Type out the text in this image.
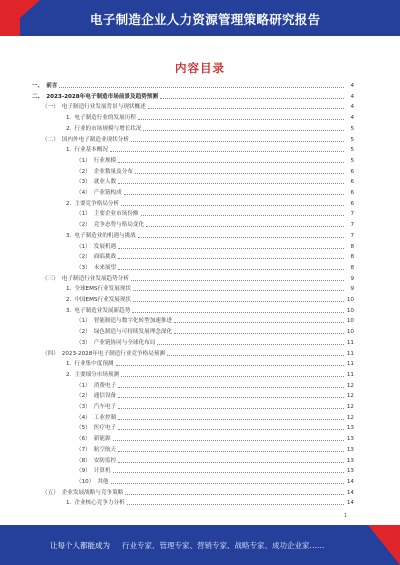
电子制造企业人力资源管理策略研究报告
内容目录
一、 前言	4
二、 2023-2028年电子制造市场前景及趋势预测	4
（一） 电子制造行业发展背景与现状概述	4
1. 电子制造行业的发展历程	4
2. 行业的市场规模与增长状况	5
（二） 国内外电子制造业现状分析	5
1. 行业基本概况	5
（1） 行业规模	5
（2） 企业数量及分布	6
（3） 就业人数	6
（4） 产业链构成	6
2. 主要竞争格局分析	6
（1） 主要企业市场份额	7
（2） 竞争态势与格局变化	7
3. 电子制造业的机遇与挑战	7
（1） 发展机遇	8
（2） 面临挑战	8
（3） 未来展望	8
（三） 电子制造行业发展趋势分析	9
1. 全球EMS行业发展现状	9
2. 中国EMS行业发展现状	10
3. 电子制造业发展新趋势	10
（1） 智能制造与数字化转型加速推进	10
（2） 绿色制造与可持续发展理念深化	10
（3） 产业链协同与全球化布局	11
（四） 2023-2028年电子制造行业竞争格局预测	11
1. 行业集中度预测	11
2. 主要细分市场预测	11
（1） 消费电子	12
（2） 通信设备	12
（3） 汽车电子	12
（4） 工业控制	12
（5） 医疗电子	13
（6） 新能源	13
（7） 航空航天	13
（8） 安防监控	13
（9） 计算机	13
（10） 其他	14
（五） 企业发展战略与竞争策略	14
1. 企业核心竞争力分析	14
1
让每个人都能成为 行业专家、管理专家、营销专家、战略专家、成功企业家……
